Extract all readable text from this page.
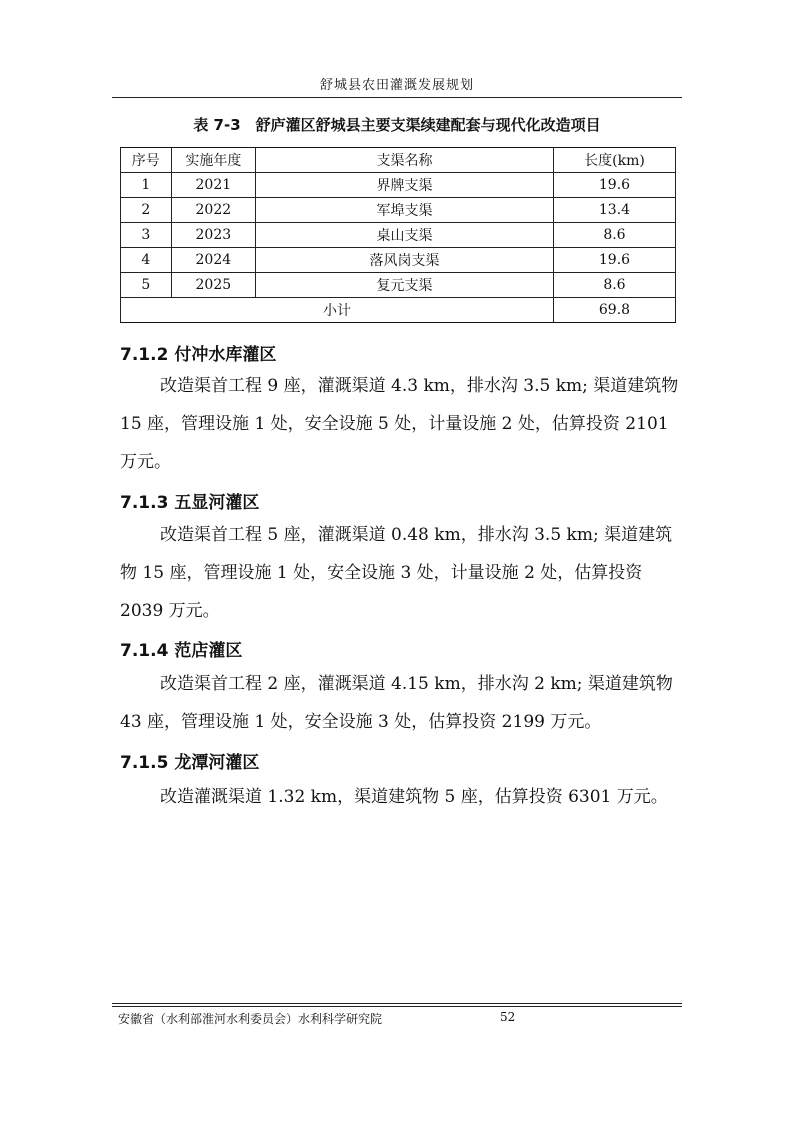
舒城县农田灌溉发展规划
表 7-3　舒庐灌区舒城县主要支渠续建配套与现代化改造项目
序号	实施年度	支渠名称	长度(km)
1	2021	界牌支渠	19.6
2	2022	军埠支渠	13.4
3	2023	桌山支渠	8.6
4	2024	落风岗支渠	19.6
5	2025	复元支渠	8.6
小计			69.8
7.1.2 付冲水库灌区

改造渠首工程 9 座，灌溉渠道 4.3 km，排水沟 3.5 km; 渠道建筑物 15 座，管理设施 1 处，安全设施 5 处，计量设施 2 处，估算投资 2101 万元。

7.1.3 五显河灌区

改造渠首工程 5 座，灌溉渠道 0.48 km，排水沟 3.5 km; 渠道建筑物 15 座，管理设施 1 处，安全设施 3 处，计量设施 2 处，估算投资 2039 万元。

7.1.4 范店灌区

改造渠首工程 2 座，灌溉渠道 4.15 km，排水沟 2 km; 渠道建筑物 43 座，管理设施 1 处，安全设施 3 处，估算投资 2199 万元。

7.1.5 龙潭河灌区

改造灌溉渠道 1.32 km，渠道建筑物 5 座，估算投资 6301 万元。

安徽省（水利部淮河水利委员会）水利科学研究院	52
